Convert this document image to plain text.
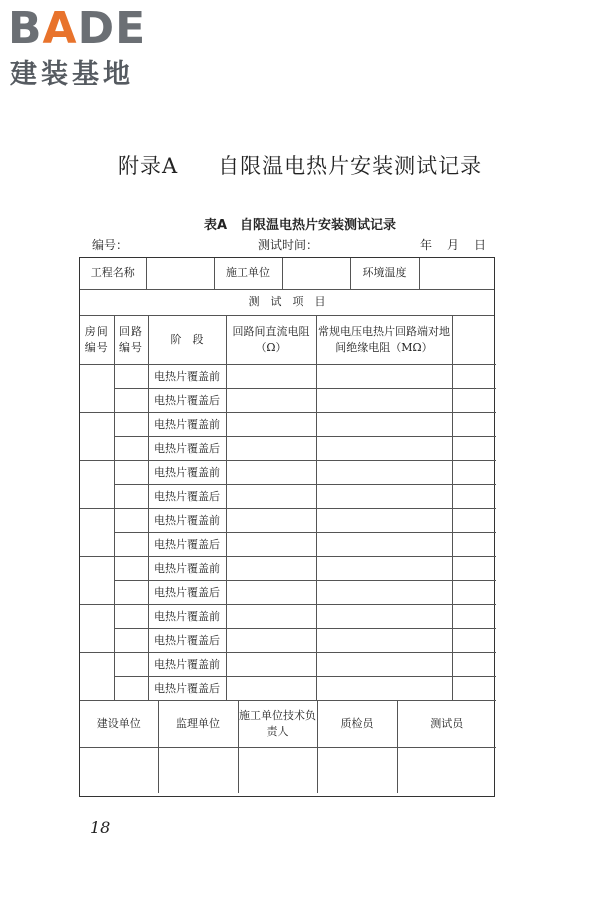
BADE
建装基地
附录A 自限温电热片安装测试记录
表A　自限温电热片安装测试记录
编号：	测试时间：	年 月 日
工程名称		施工单位		环境温度	
测　试　项　目
房间编号	回路编号	阶　段	回路间直流电阻（Ω）	常规电压电热片回路端对地间绝缘电阻（MΩ）	
		电热片覆盖前			
		电热片覆盖后			
		电热片覆盖前			
		电热片覆盖后			
		电热片覆盖前			
		电热片覆盖后			
		电热片覆盖前			
		电热片覆盖后			
		电热片覆盖前			
		电热片覆盖后			
		电热片覆盖前			
		电热片覆盖后			
		电热片覆盖前			
		电热片覆盖后			
建设单位	监理单位	施工单位技术负责人	质检员	测试员

18
